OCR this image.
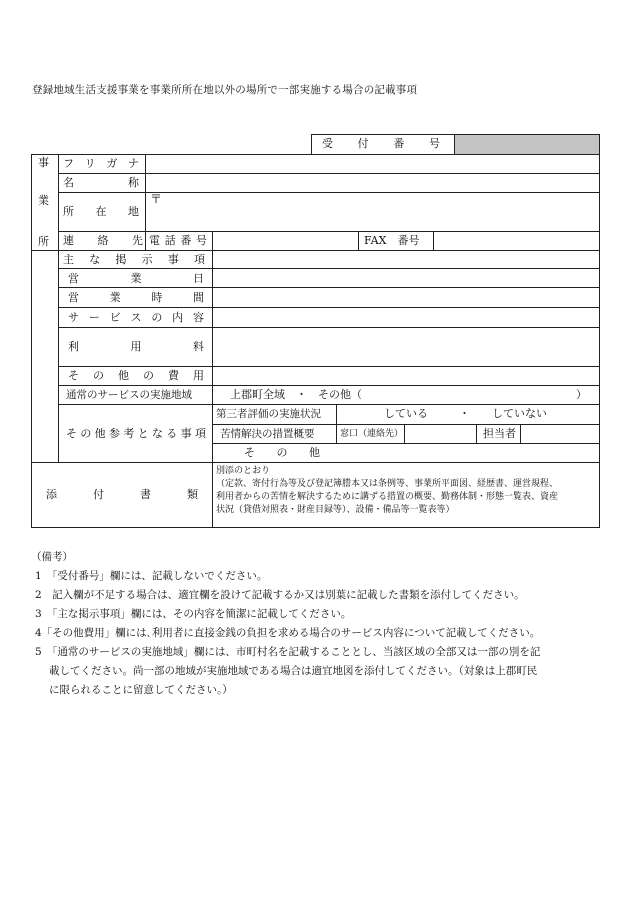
登録地域生活支援事業を事業所所在地以外の場所で一部実施する場合の記載事項
受 付 番 号
事
業
所
フ リ ガ ナ
名	称
所 在 地
〒
連 絡 先 電 話 番 号	FAX　番号
主 な 掲 示 事 項
営	業	日
営	業	時	間
サ ー ビ ス の 内 容
利	用	料
そ の 他 の 費 用
通常のサービスの実施地域	上郡町全域　・　その他（	）
そ の 他 参 考 と な る 事 項
第三者評価の実施状況	している	・ していない
苦情解決の措置概要	窓口（連絡先）	担当者
そ の 他
添	付	書	類
別添のとおり
（定款、寄付行為等及び登記簿謄本又は条例等、事業所平面図、経歴書、運営規程、
利用者からの苦情を解決するために講ずる措置の概要、勤務体制・形態一覧表、資産
状況（貸借対照表・財産目録等）、設備・備品等一覧表等）
（備考）
1　「受付番号」欄には、記載しないでください。
2　記入欄が不足する場合は、適宜欄を設けて記載するか又は別葉に記載した書類を添付してください。
3　「主な掲示事項」欄には、その内容を簡潔に記載してください。
4「その他費用」欄には､利用者に直接金銭の負担を求める場合のサービス内容について記載してください。
5　「通常のサービスの実施地域」欄には、市町村名を記載することとし、当該区域の全部又は一部の別を記
載してください。尚一部の地域が実施地域である場合は適宜地図を添付してください。（対象は上郡町民
に限られることに留意してください。）
